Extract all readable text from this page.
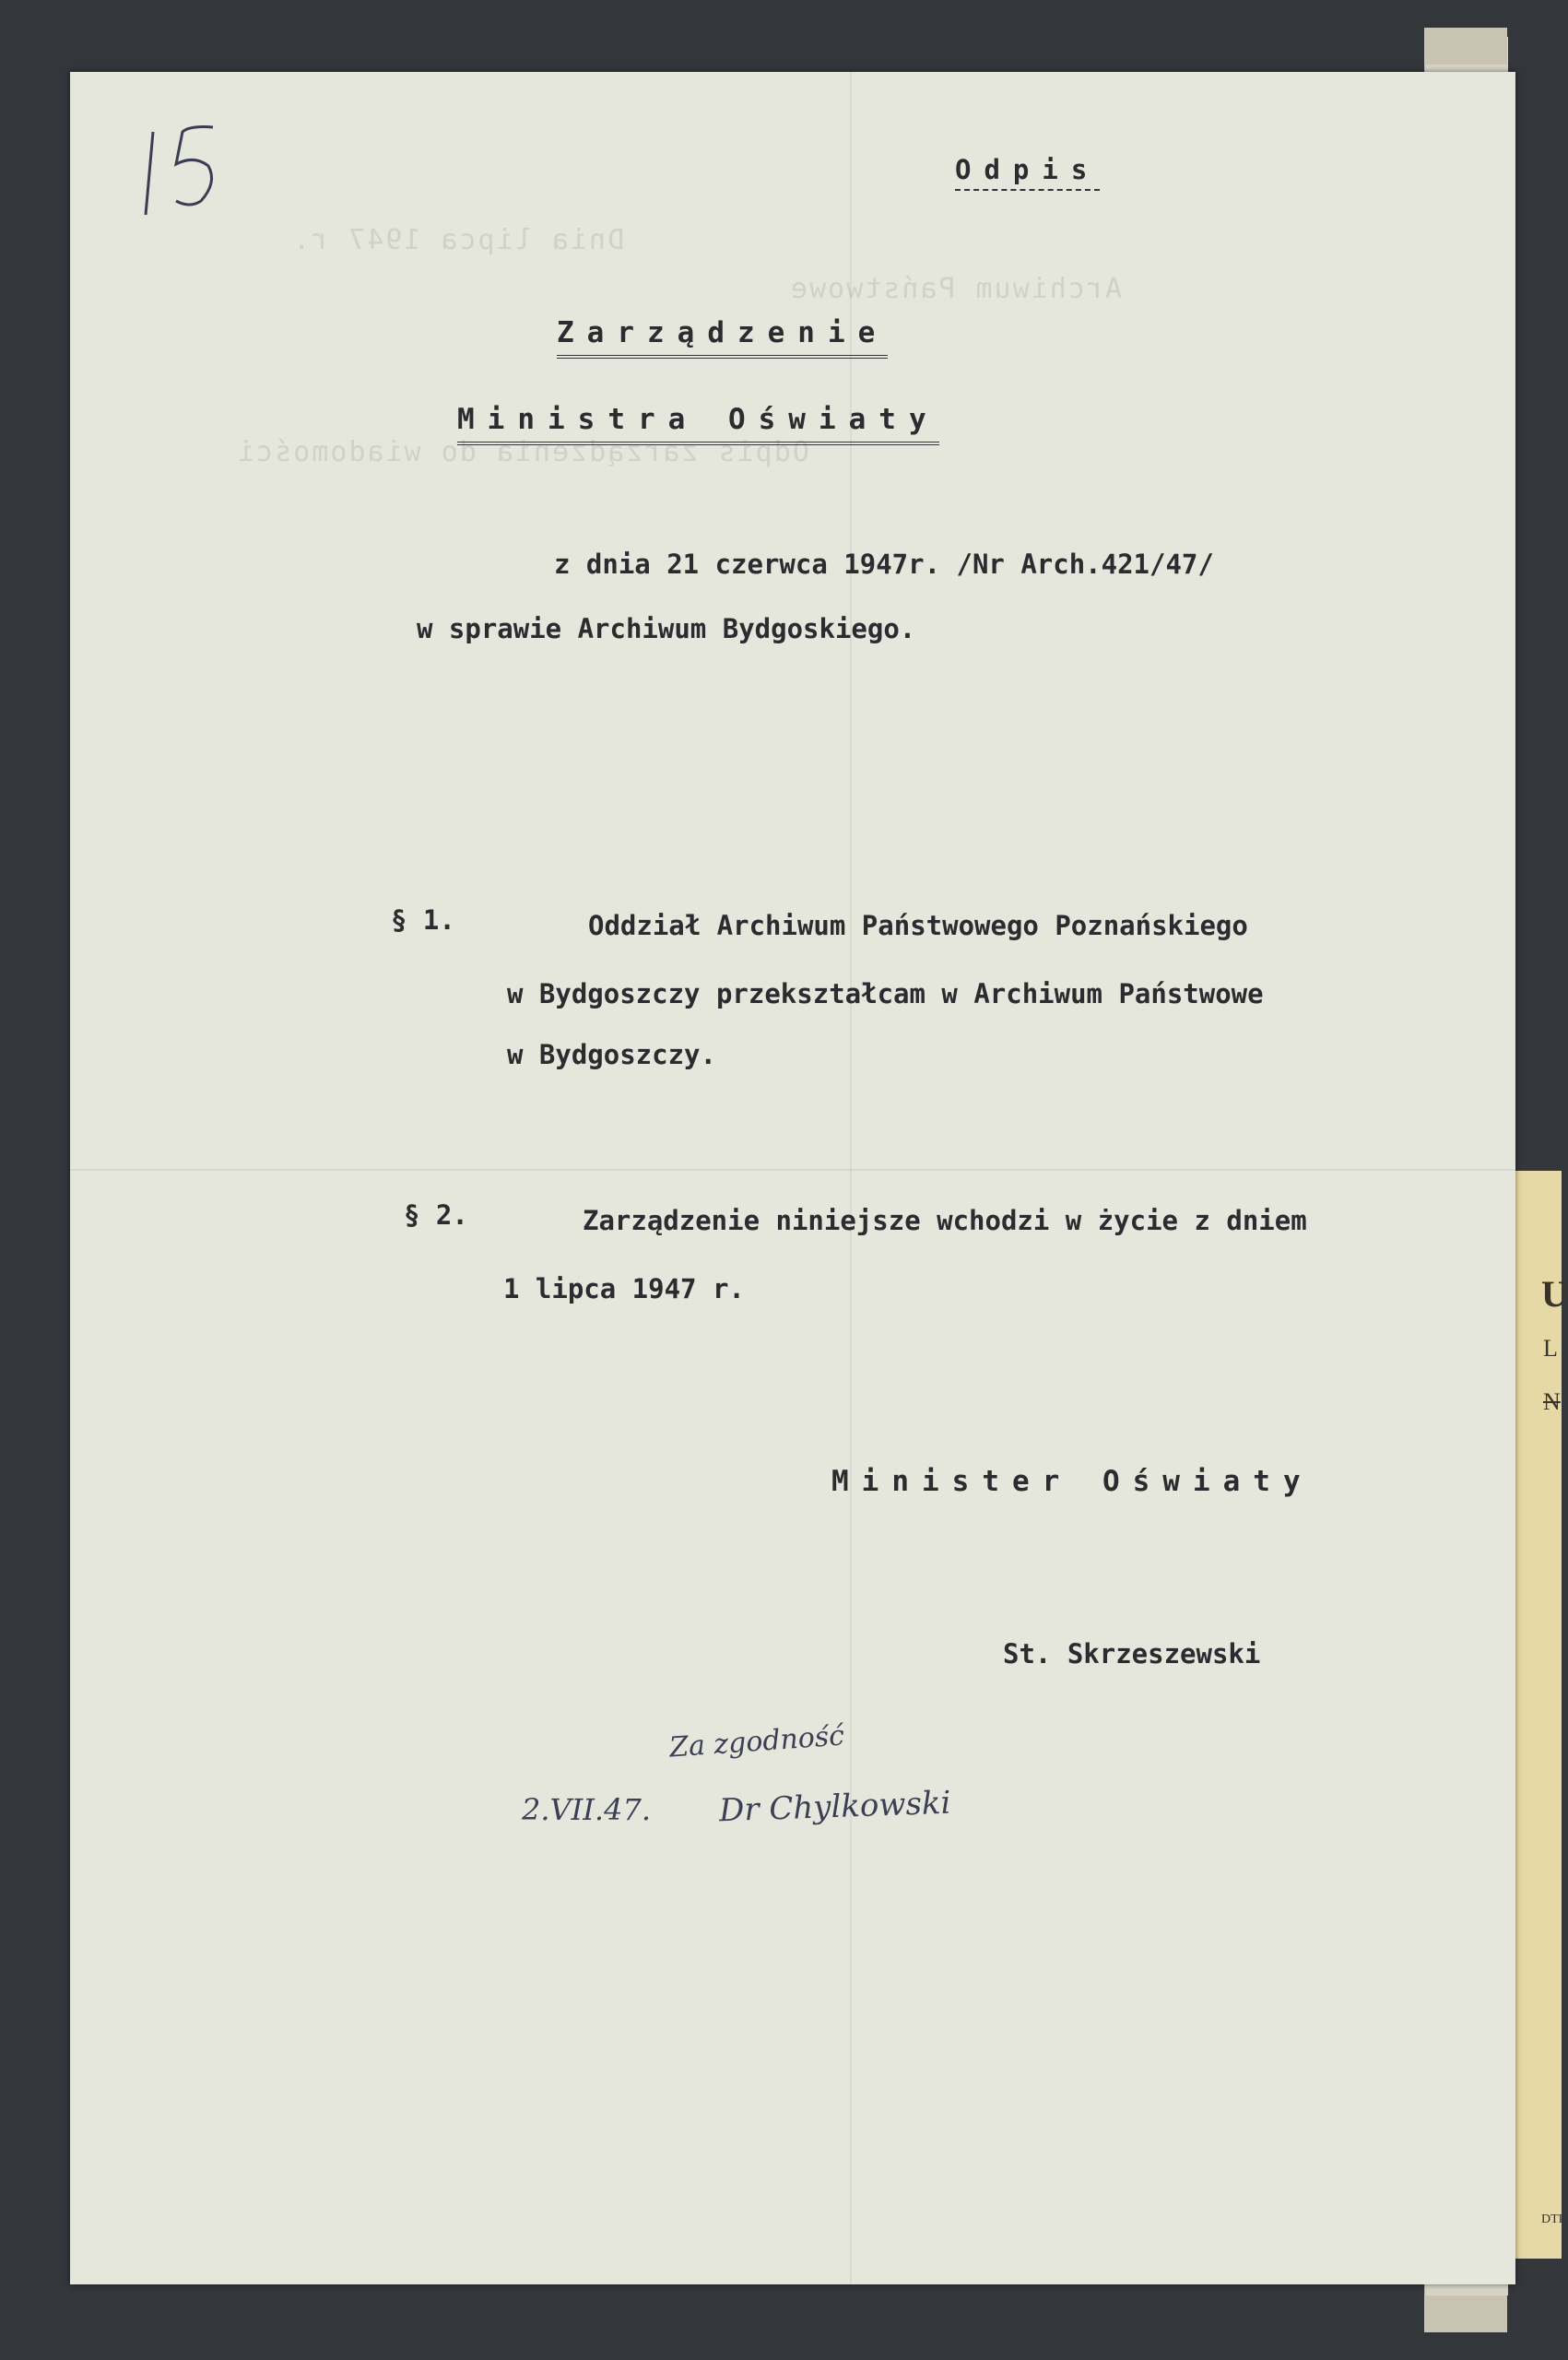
U
L
N
DTP
Dnia lipca 1947 r.
Archiwum Państwowe
Odpis zarządzenia do wiadomości
Odpis
Zarządzenie
Ministra Oświaty
z dnia 21 czerwca 1947r. /Nr Arch.421/47/
w sprawie Archiwum Bydgoskiego.
§ 1.	Oddział Archiwum Państwowego Poznańskiego
w Bydgoszczy przekształcam w Archiwum Państwowe
w Bydgoszczy.
§ 2.	Zarządzenie niniejsze wchodzi w życie z dniem
1 lipca 1947 r.
Minister Oświaty
St. Skrzeszewski
Za zgodność
2.VII.47. Dr Chylkowski
